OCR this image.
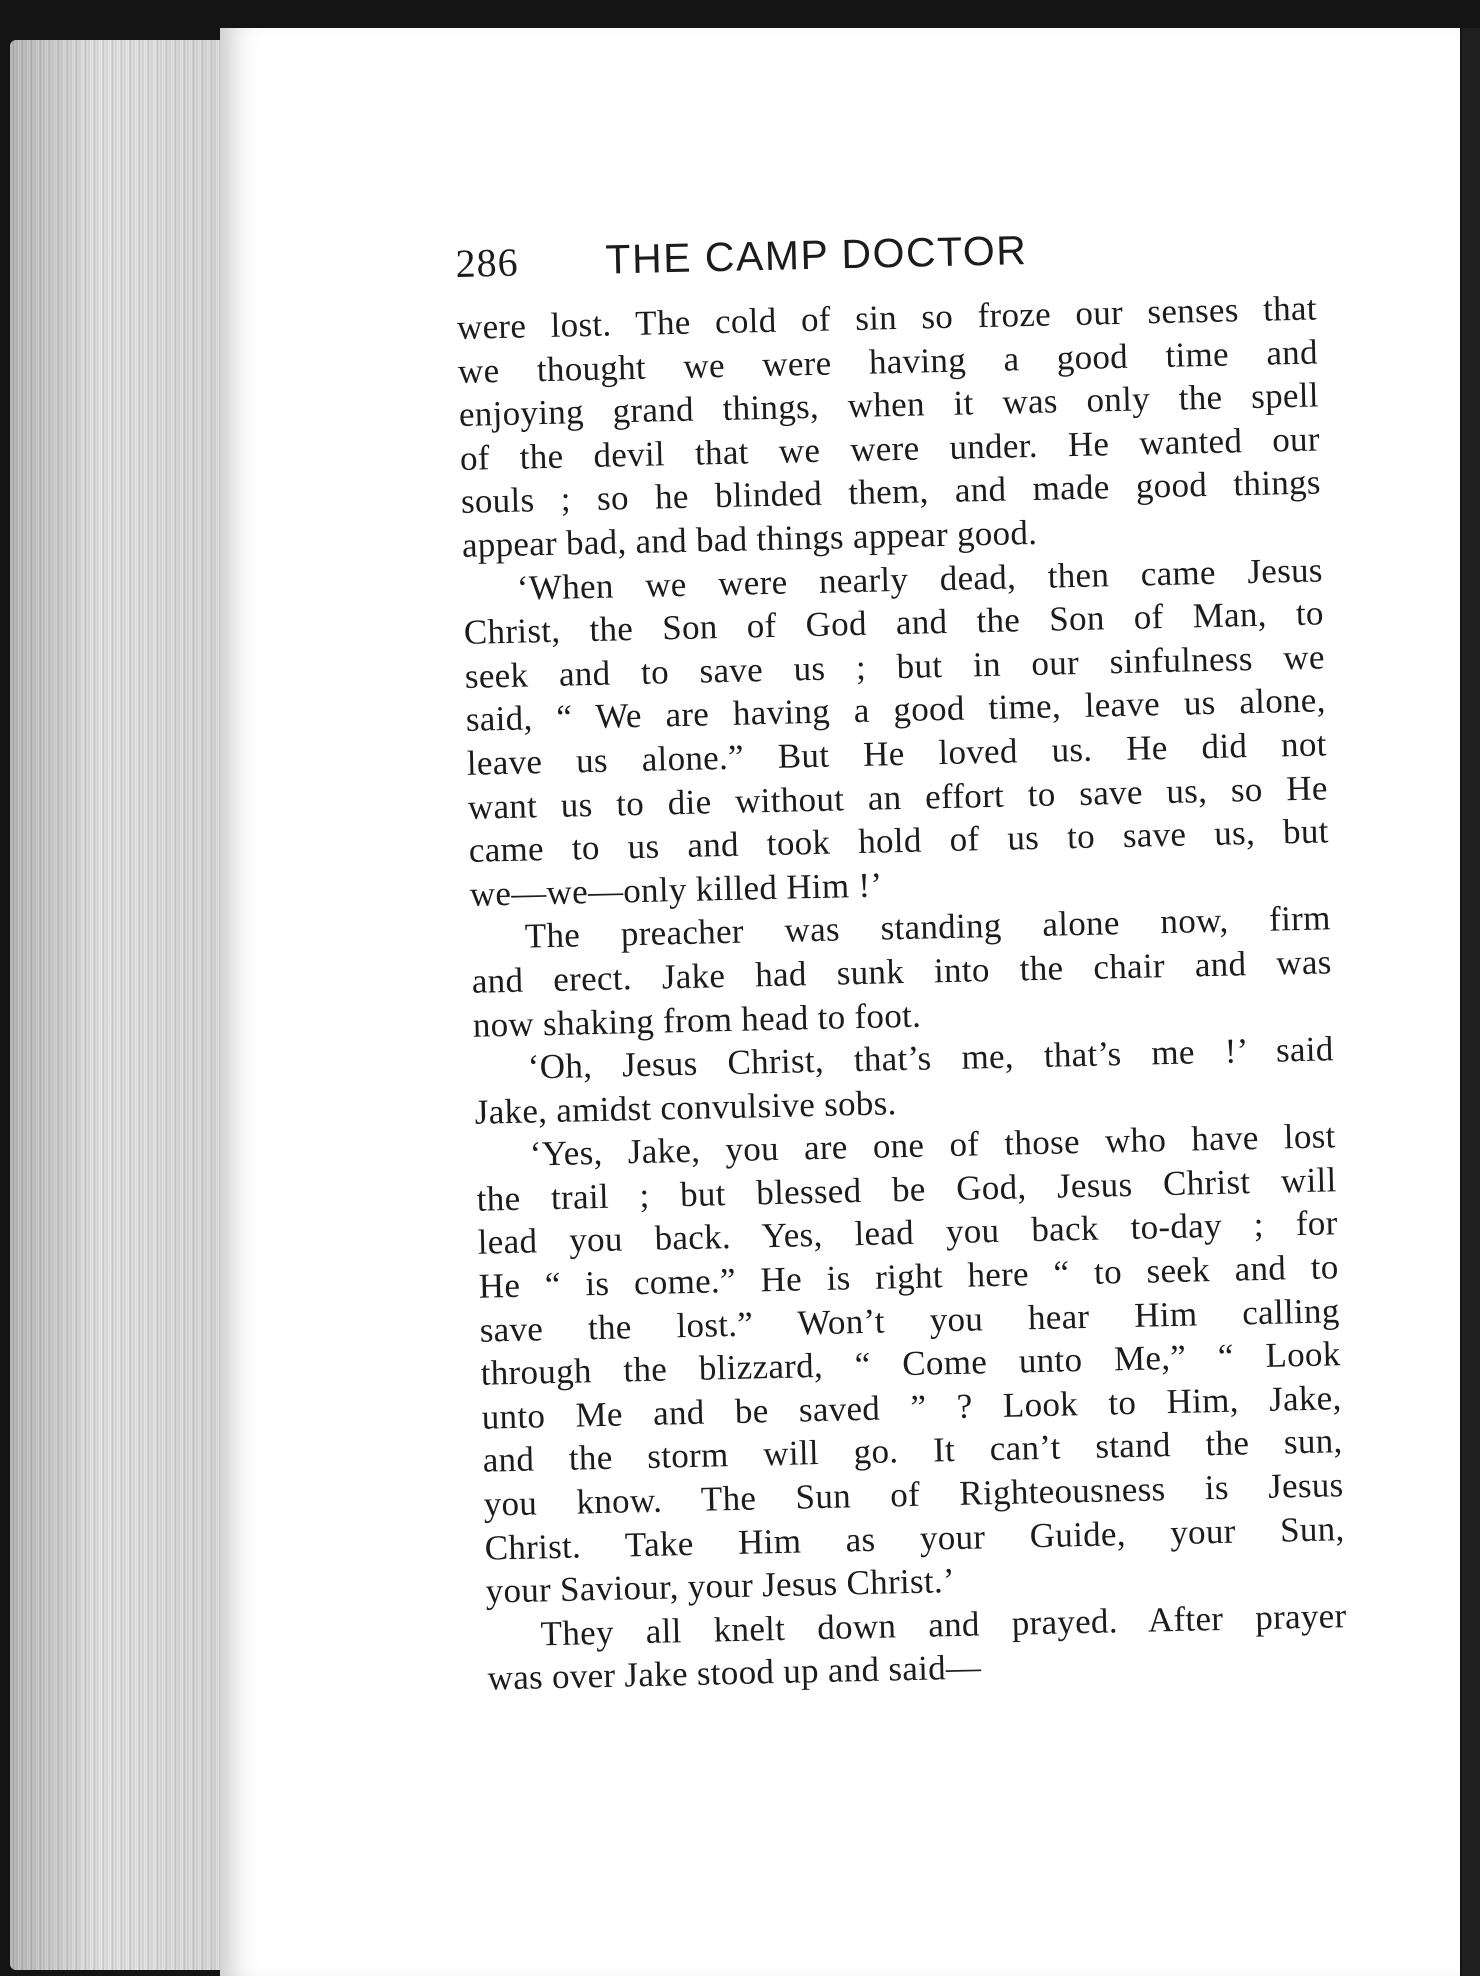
286	THE CAMP DOCTOR
were lost. The cold of sin so froze our senses that
we thought we were having a good time and
enjoying grand things, when it was only the spell
of the devil that we were under. He wanted our
souls ; so he blinded them, and made good things
appear bad, and bad things appear good.
‘When we were nearly dead, then came Jesus
Christ, the Son of God and the Son of Man, to
seek and to save us ; but in our sinfulness we
said, “ We are having a good time, leave us alone,
leave us alone.” But He loved us. He did not
want us to die without an effort to save us, so He
came to us and took hold of us to save us, but
we—we—only killed Him !’
The preacher was standing alone now, firm
and erect. Jake had sunk into the chair and was
now shaking from head to foot.
‘Oh, Jesus Christ, that’s me, that’s me !’ said
Jake, amidst convulsive sobs.
‘Yes, Jake, you are one of those who have lost
the trail ; but blessed be God, Jesus Christ will
lead you back. Yes, lead you back to-day ; for
He “ is come.” He is right here “ to seek and to
save the lost.” Won’t you hear Him calling
through the blizzard, “ Come unto Me,” “ Look
unto Me and be saved ” ? Look to Him, Jake,
and the storm will go. It can’t stand the sun,
you know. The Sun of Righteousness is Jesus
Christ. Take Him as your Guide, your Sun,
your Saviour, your Jesus Christ.’
They all knelt down and prayed. After prayer
was over Jake stood up and said—
